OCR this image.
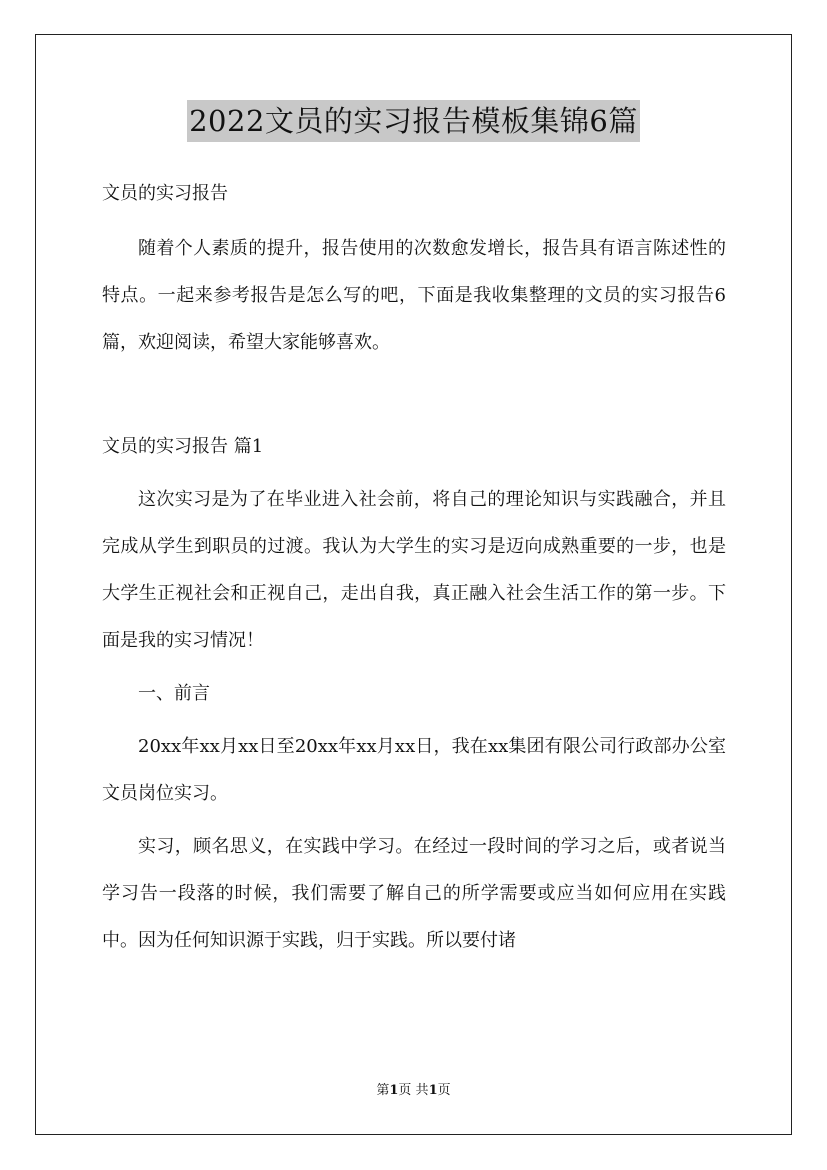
2022文员的实习报告模板集锦6篇

文员的实习报告

随着个人素质的提升，报告使用的次数愈发增长，报告具有语言陈述性的特点。一起来参考报告是怎么写的吧，下面是我收集整理的文员的实习报告6篇，欢迎阅读，希望大家能够喜欢。

文员的实习报告 篇1

这次实习是为了在毕业进入社会前，将自己的理论知识与实践融合，并且完成从学生到职员的过渡。我认为大学生的实习是迈向成熟重要的一步，也是大学生正视社会和正视自己，走出自我，真正融入社会生活工作的第一步。下面是我的实习情况！

一、前言

20xx年xx月xx日至20xx年xx月xx日，我在xx集团有限公司行政部办公室文员岗位实习。

实习，顾名思义，在实践中学习。在经过一段时间的学习之后，或者说当学习告一段落的时候，我们需要了解自己的所学需要或应当如何应用在实践中。因为任何知识源于实践，归于实践。所以要付诸

第1页 共1页
